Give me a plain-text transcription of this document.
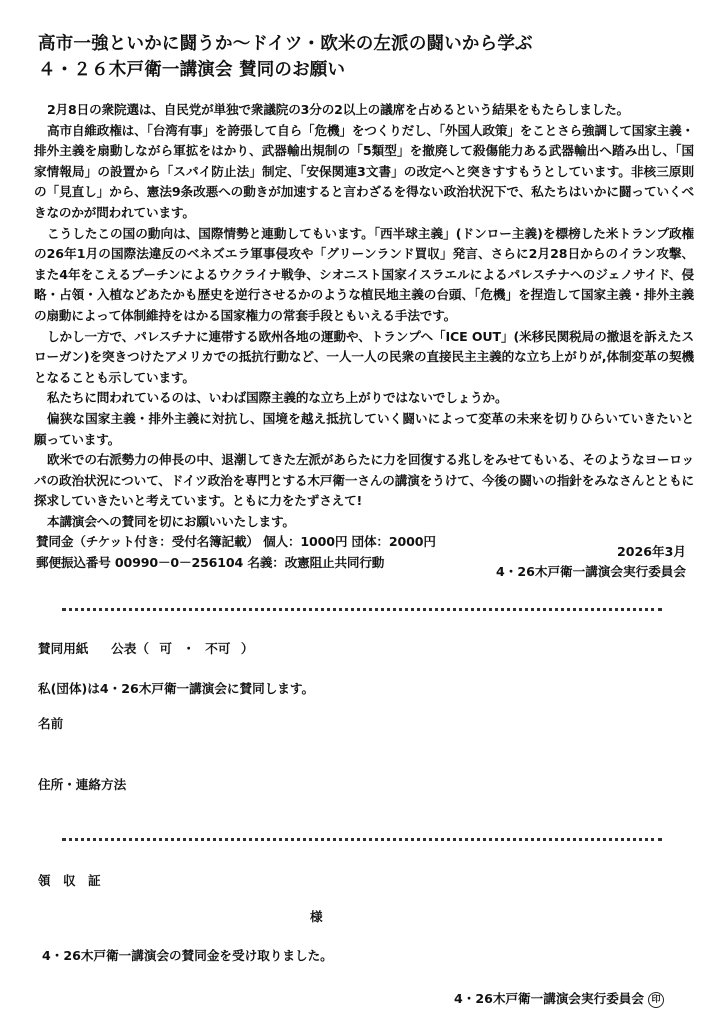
高市一強といかに闘うか〜ドイツ・欧米の左派の闘いから学ぶ
４・２６木戸衛一講演会 賛同のお願い

2月8日の衆院選は、自民党が単独で衆議院の3分の2以上の議席を占めるという結果をもたらしました。

高市自維政権は、「台湾有事」を誇張して自ら「危機」をつくりだし、「外国人政策」をことさら強調して国家主義・排外主義を扇動しながら軍拡をはかり、武器輸出規制の「5類型」を撤廃して殺傷能力ある武器輸出へ踏み出し、「国家情報局」の設置から「スパイ防止法」制定、「安保関連3文書」の改定へと突きすすもうとしています。非核三原則の「見直し」から、憲法9条改悪への動きが加速すると言わざるを得ない政治状況下で、私たちはいかに闘っていくべきなのかが問われています。

こうしたこの国の動向は、国際情勢と連動してもいます。「西半球主義」(ドンロー主義)を標榜した米トランプ政権の26年1月の国際法違反のベネズエラ軍事侵攻や「グリーンランド買収」発言、さらに2月28日からのイラン攻撃、また4年をこえるプーチンによるウクライナ戦争、シオニスト国家イスラエルによるパレスチナへのジェノサイド、侵略・占領・入植などあたかも歴史を逆行させるかのような植民地主義の台頭、「危機」を捏造して国家主義・排外主義の扇動によって体制維持をはかる国家権力の常套手段ともいえる手法です。

しかし一方で、パレスチナに連帯する欧州各地の運動や、トランプへ「ICE OUT」(米移民関税局の撤退を訴えたスローガン)を突きつけたアメリカでの抵抗行動など、一人一人の民衆の直接民主主義的な立ち上がりが,体制変革の契機となることも示しています。

私たちに問われているのは、いわば国際主義的な立ち上がりではないでしょうか。

偏狭な国家主義・排外主義に対抗し、国境を越え抵抗していく闘いによって変革の未来を切りひらいていきたいと願っています。

欧米での右派勢力の伸長の中、退潮してきた左派があらたに力を回復する兆しをみせてもいる、そのようなヨーロッパの政治状況について、ドイツ政治を専門とする木戸衛一さんの講演をうけて、今後の闘いの指針をみなさんとともに探求していきたいと考えています。ともに力をたずさえて!

本講演会への賛同を切にお願いいたします。

賛同金（チケット付き：受付名簿記載） 個人：1000円 団体：2000円

郵便振込番号 00990－0－256104 名義：改憲阻止共同行動

2026年3月
4・26木戸衛一講演会実行委員会
賛同用紙 公表（ 可 ・ 不可 ）
私(団体)は4・26木戸衛一講演会に賛同します。
名前
住所・連絡方法
領 収 証
様
4・26木戸衛一講演会の賛同金を受け取りました。
4・26木戸衛一講演会実行委員会 印
